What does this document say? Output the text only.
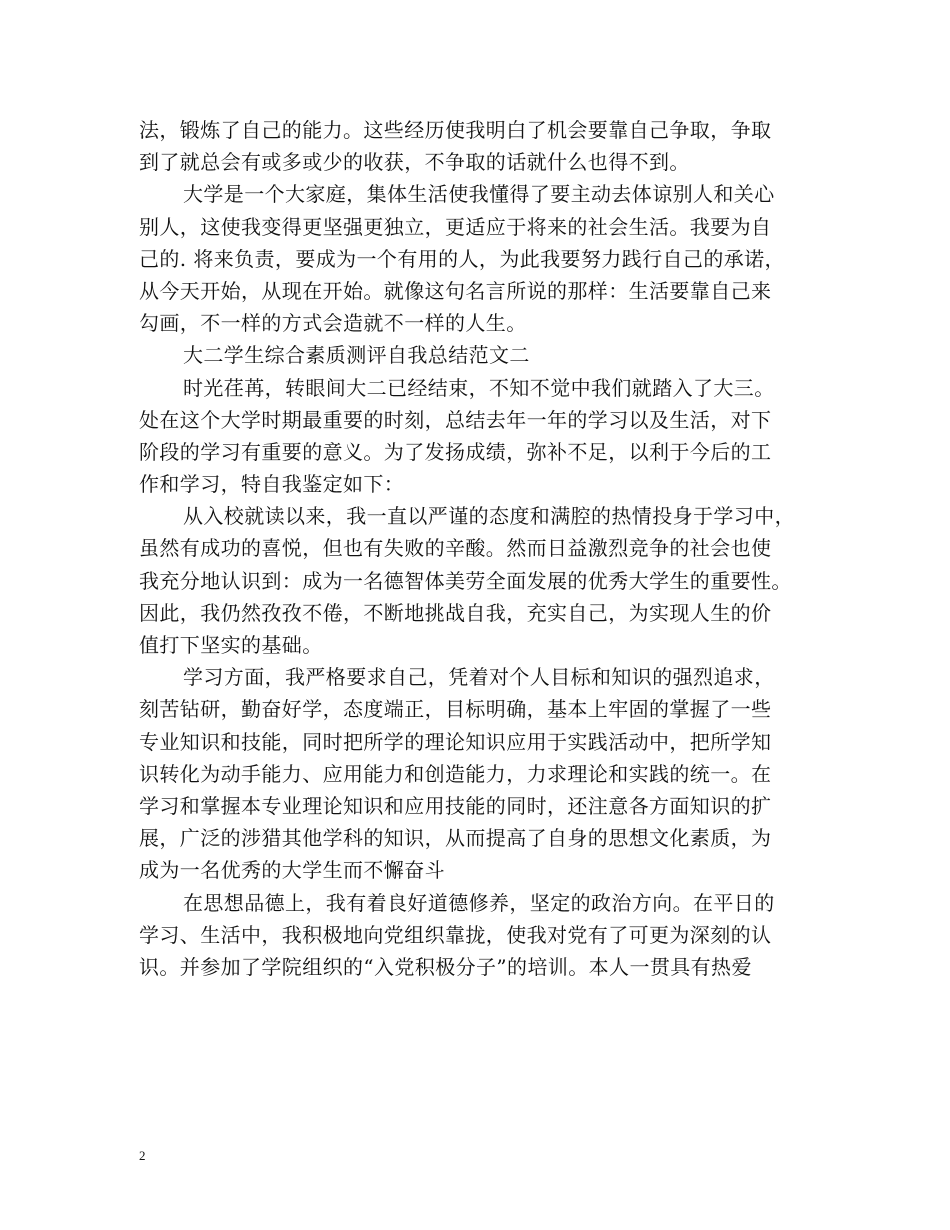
法，锻炼了自己的能力。这些经历使我明白了机会要靠自己争取，争取
到了就总会有或多或少的收获，不争取的话就什么也得不到。
大学是一个大家庭，集体生活使我懂得了要主动去体谅别人和关心
别人，这使我变得更坚强更独立，更适应于将来的社会生活。我要为自
己的. 将来负责，要成为一个有用的人，为此我要努力践行自己的承诺，
从今天开始，从现在开始。就像这句名言所说的那样：生活要靠自己来
勾画，不一样的方式会造就不一样的人生。
大二学生综合素质测评自我总结范文二
时光荏苒，转眼间大二已经结束，不知不觉中我们就踏入了大三。
处在这个大学时期最重要的时刻，总结去年一年的学习以及生活，对下
阶段的学习有重要的意义。为了发扬成绩，弥补不足，以利于今后的工
作和学习，特自我鉴定如下：
从入校就读以来，我一直以严谨的态度和满腔的热情投身于学习中，
虽然有成功的喜悦，但也有失败的辛酸。然而日益激烈竞争的社会也使
我充分地认识到：成为一名德智体美劳全面发展的优秀大学生的重要性。
因此，我仍然孜孜不倦，不断地挑战自我，充实自己，为实现人生的价
值打下坚实的基础。
学习方面，我严格要求自己，凭着对个人目标和知识的强烈追求，
刻苦钻研，勤奋好学，态度端正，目标明确，基本上牢固的掌握了一些
专业知识和技能，同时把所学的理论知识应用于实践活动中，把所学知
识转化为动手能力、应用能力和创造能力，力求理论和实践的统一。在
学习和掌握本专业理论知识和应用技能的同时，还注意各方面知识的扩
展，广泛的涉猎其他学科的知识，从而提高了自身的思想文化素质，为
成为一名优秀的大学生而不懈奋斗
在思想品德上，我有着良好道德修养，坚定的政治方向。在平日的
学习、生活中，我积极地向党组织靠拢，使我对党有了可更为深刻的认
识。并参加了学院组织的“入党积极分子”的培训。本人一贯具有热爱
2
